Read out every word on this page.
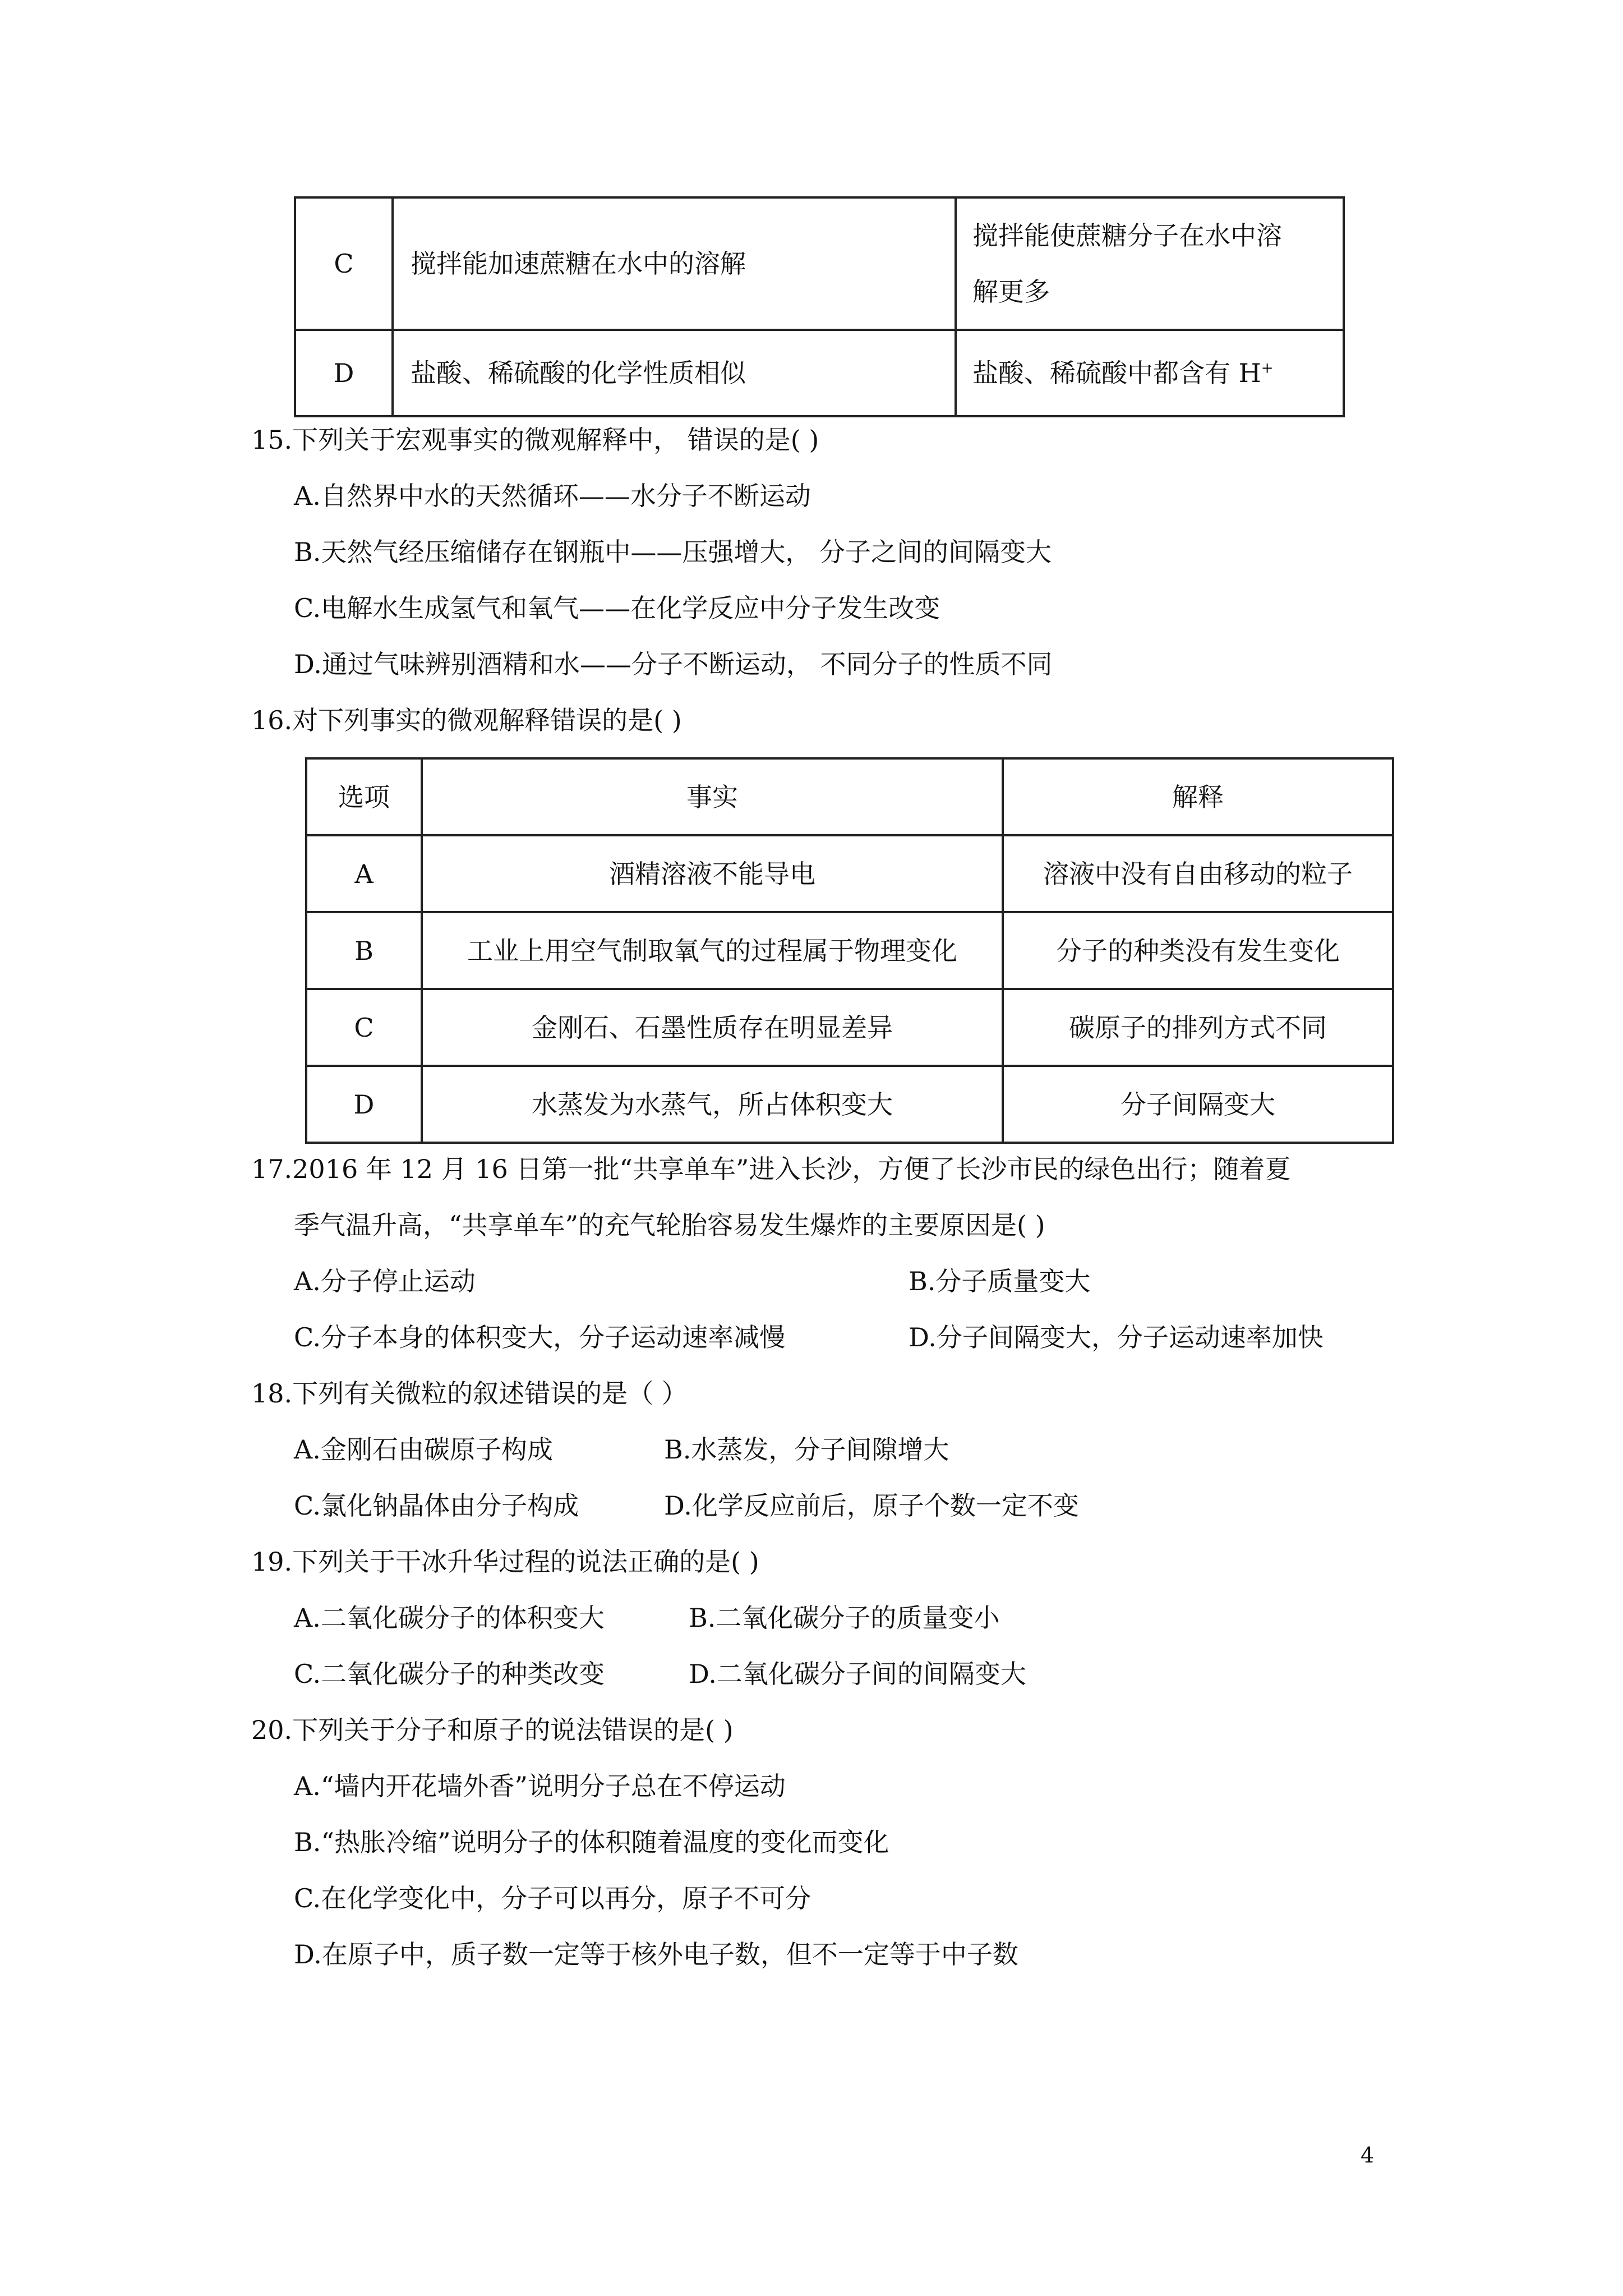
C	搅拌能加速蔗糖在水中的溶解	搅拌能使蔗糖分子在水中溶
解更多

D	盐酸、稀硫酸的化学性质相似	盐酸、稀硫酸中都含有 H+
15.下列关于宏观事实的微观解释中， 错误的是( )
A.自然界中水的天然循环——水分子不断运动
B.天然气经压缩储存在钢瓶中——压强增大， 分子之间的间隔变大
C.电解水生成氢气和氧气——在化学反应中分子发生改变
D.通过气味辨别酒精和水——分子不断运动， 不同分子的性质不同
16.对下列事实的微观解释错误的是( )
选项	事实	解释
A	酒精溶液不能导电	溶液中没有自由移动的粒子
B	工业上用空气制取氧气的过程属于物理变化	分子的种类没有发生变化
C	金刚石、石墨性质存在明显差异	碳原子的排列方式不同
D	水蒸发为水蒸气，所占体积变大	分子间隔变大
17.2016 年 12 月 16 日第一批“共享单车”进入长沙，方便了长沙市民的绿色出行；随着夏
季气温升高，“共享单车”的充气轮胎容易发生爆炸的主要原因是( )
A.分子停止运动	B.分子质量变大
C.分子本身的体积变大，分子运动速率减慢	D.分子间隔变大，分子运动速率加快
18.下列有关微粒的叙述错误的是（ ）
A.金刚石由碳原子构成	B.水蒸发，分子间隙增大
C.氯化钠晶体由分子构成	D.化学反应前后，原子个数一定不变
19.下列关于干冰升华过程的说法正确的是( )
A.二氧化碳分子的体积变大	B.二氧化碳分子的质量变小
C.二氧化碳分子的种类改变	D.二氧化碳分子间的间隔变大
20.下列关于分子和原子的说法错误的是( )
A.“墙内开花墙外香”说明分子总在不停运动
B.“热胀冷缩”说明分子的体积随着温度的变化而变化
C.在化学变化中，分子可以再分，原子不可分
D.在原子中，质子数一定等于核外电子数，但不一定等于中子数
4
